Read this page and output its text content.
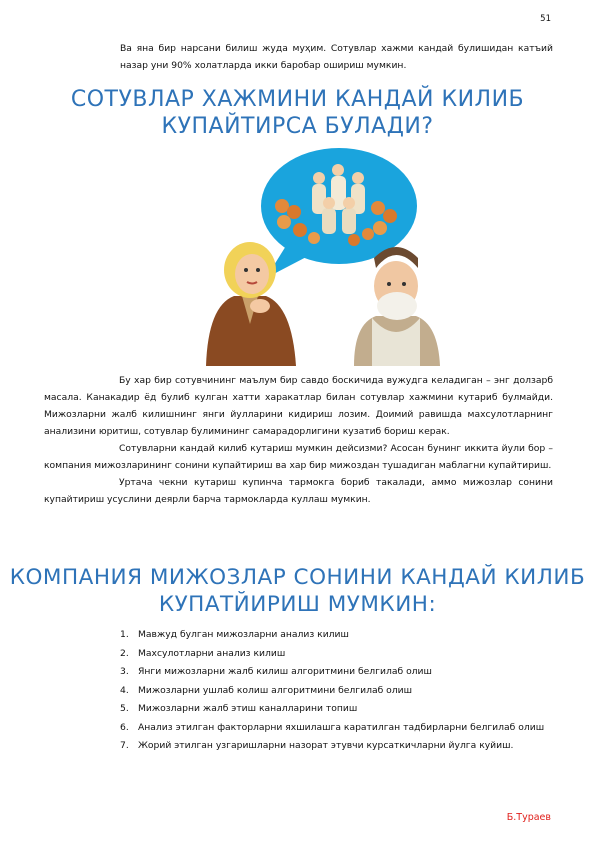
51

Ва яна бир нарсани билиш жуда муҳим. Сотувлар хажми кандай булишидан катъий назар уни 90% холатларда икки баробар ошириш мумкин.

СОТУВЛАР ХАЖМИНИ КАНДАЙ КИЛИБ КУПАЙТИРСА БУЛАДИ?

Бу хар бир сотувчининг маълум бир савдо боскичида вужудга келадиган – энг долзарб масала. Канакадир ёд булиб кулган хатти харакатлар билан сотувлар хажмини кутариб булмайди. Мижозларни жалб килишнинг янги йулларини кидириш лозим. Доимий равишда махсулотларнинг анализини юритиш, сотувлар булимининг самарадорлигини кузатиб бориш керак.

Сотувларни кандай килиб кутариш мумкин дейсизми? Асосан бунинг иккита йули бор – компания мижозларининг сонини купайтириш ва хар бир мижоздан тушадиган маблагни купайтириш.

Уртача чекни кутариш купинча тармокга бориб такалади, аммо мижозлар сонини купайтириш усуслини деярли барча тармокларда куллаш мумкин.

КОМПАНИЯ МИЖОЗЛАР СОНИНИ КАНДАЙ КИЛИБ КУПАТЙИРИШ МУМКИН:
1.	Мавжуд булган мижозларни анализ килиш
2.	Махсулотларни анализ килиш
3.	Янги мижозларни жалб килиш алгоритмини белгилаб олиш
4.	Мижозларни ушлаб колиш алгоритмини белгилаб олиш
5.	Мижозларни жалб этиш каналларини топиш
6.	Анализ этилган факторларни яхшилашга каратилган тадбирларни белгилаб олиш
7.	Жорий этилган узгаришларни назорат этувчи курсаткичларни йулга куйиш.
Б.Тураев
